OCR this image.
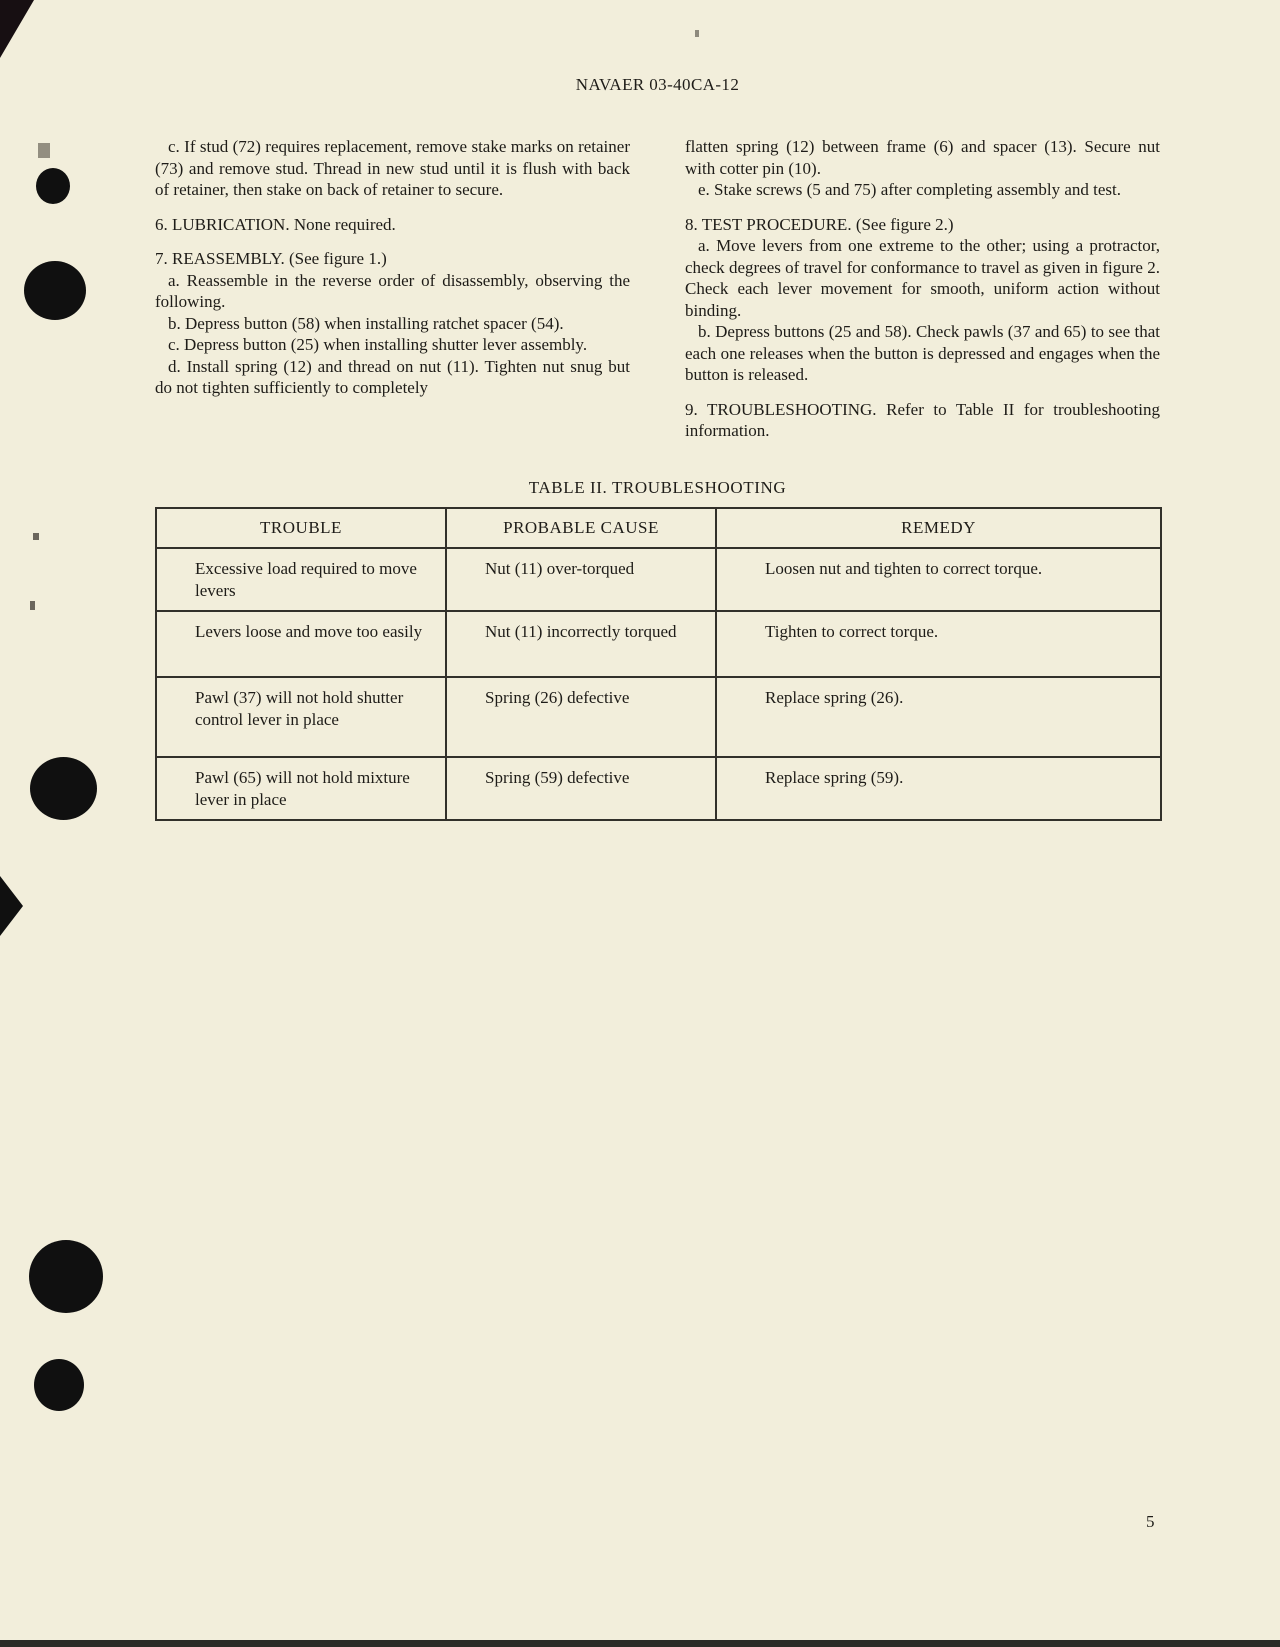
NAVAER 03-40CA-12

c. If stud (72) requires replacement, remove stake marks on retainer (73) and remove stud. Thread in new stud until it is flush with back of retainer, then stake on back of retainer to secure.

6. LUBRICATION. None required.

7. REASSEMBLY. (See figure 1.)

a. Reassemble in the reverse order of disassembly, observing the following.

b. Depress button (58) when installing ratchet spacer (54).

c. Depress button (25) when installing shutter lever assembly.

d. Install spring (12) and thread on nut (11). Tighten nut snug but do not tighten sufficiently to completely

flatten spring (12) between frame (6) and spacer (13). Secure nut with cotter pin (10).

e. Stake screws (5 and 75) after completing assembly and test.

8. TEST PROCEDURE. (See figure 2.)

a. Move levers from one extreme to the other; using a protractor, check degrees of travel for conformance to travel as given in figure 2. Check each lever movement for smooth, uniform action without binding.

b. Depress buttons (25 and 58). Check pawls (37 and 65) to see that each one releases when the button is depressed and engages when the button is released.

9. TROUBLESHOOTING. Refer to Table II for troubleshooting information.

TABLE II. TROUBLESHOOTING
TROUBLE	PROBABLE CAUSE	REMEDY
Excessive load required to move levers	Nut (11) over-torqued	Loosen nut and tighten to correct torque.
Levers loose and move too easily	Nut (11) incorrectly torqued	Tighten to correct torque.
Pawl (37) will not hold shutter control lever in place	Spring (26) defective	Replace spring (26).
Pawl (65) will not hold mixture lever in place	Spring (59) defective	Replace spring (59).
5
